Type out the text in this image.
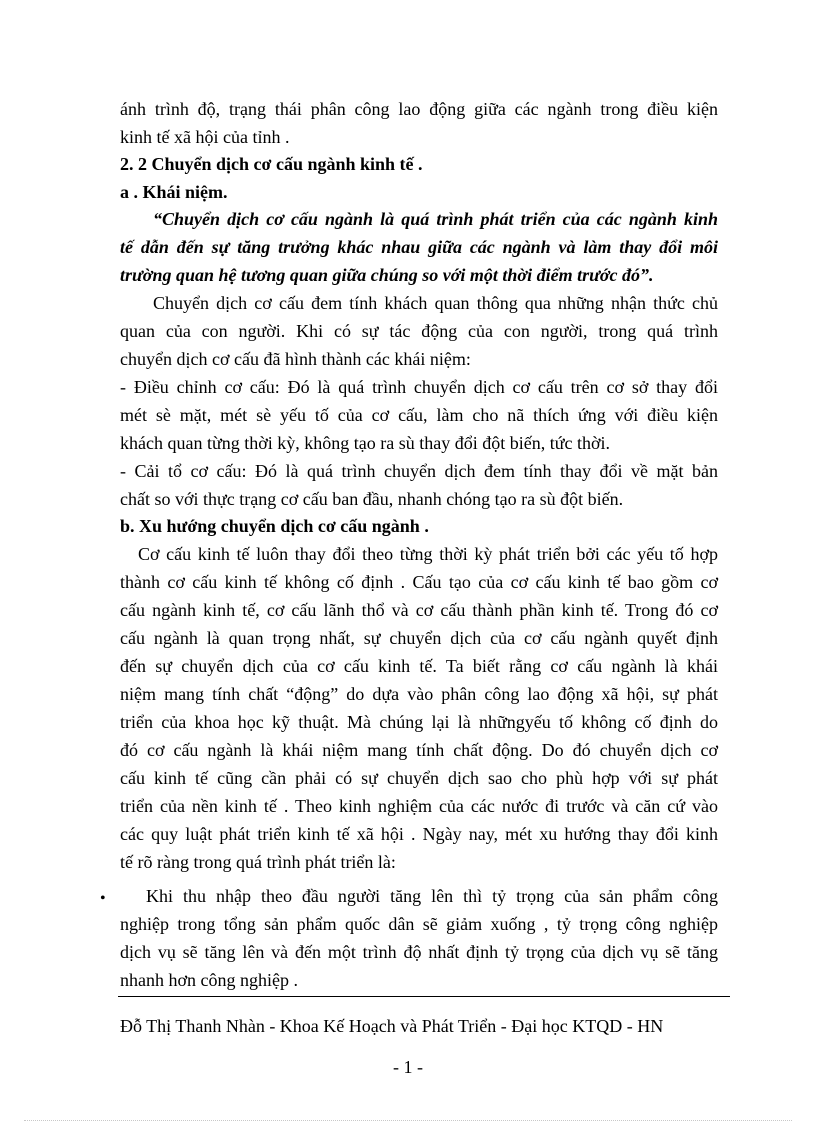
ánh trình độ, trạng thái phân công lao động giữa các ngành trong điều kiện
kinh tế xã hội của tỉnh .
2. 2 Chuyển dịch cơ cấu ngành kinh tế .
a . Khái niệm.
“Chuyển dịch cơ cấu ngành là quá trình phát triển của các ngành kinh
tế dẫn đến sự tăng trưởng khác nhau giữa các ngành và làm thay đổi môi
trường quan hệ tương quan giữa chúng so với một thời điểm trước đó”.
Chuyển dịch cơ cấu đem tính khách quan thông qua những nhận thức chủ
quan của con người. Khi có sự tác động của con người, trong quá trình
chuyển dịch cơ cấu đã hình thành các khái niệm:
- Điều chỉnh cơ cấu: Đó là quá trình chuyển dịch cơ cấu trên cơ sở thay đổi
mét sè mặt, mét sè yếu tố của cơ cấu, làm cho nã thích ứng với điều kiện
khách quan từng thời kỳ, không tạo ra sù thay đổi đột biến, tức thời.
- Cải tổ cơ cấu: Đó là quá trình chuyển dịch đem tính thay đổi về mặt bản
chất so với thực trạng cơ cấu ban đầu, nhanh chóng tạo ra sù đột biến.
b. Xu hướng chuyển dịch cơ cấu ngành .
Cơ cấu kinh tế luôn thay đổi theo từng thời kỳ phát triển bởi các yếu tố hợp
thành cơ cấu kinh tế không cố định . Cấu tạo của cơ cấu kinh tế bao gồm cơ
cấu ngành kinh tế, cơ cấu lãnh thổ và cơ cấu thành phần kinh tế. Trong đó cơ
cấu ngành là quan trọng nhất, sự chuyển dịch của cơ cấu ngành quyết định
đến sự chuyển dịch của cơ cấu kinh tế. Ta biết rằng cơ cấu ngành là khái
niệm mang tính chất “động” do dựa vào phân công lao động xã hội, sự phát
triển của khoa học kỹ thuật. Mà chúng lại là nhữngyếu tố không cố định do
đó cơ cấu ngành là khái niệm mang tính chất động. Do đó chuyển dịch cơ
cấu kinh tế cũng cần phải có sự chuyển dịch sao cho phù hợp với sự phát
triển của nền kinh tế . Theo kinh nghiệm của các nước đi trước và căn cứ vào
các quy luật phát triển kinh tế xã hội . Ngày nay, mét xu hướng thay đổi kinh
tế rõ ràng trong quá trình phát triển là:
• Khi thu nhập theo đầu người tăng lên thì tỷ trọng của sản phẩm công
nghiệp trong tổng sản phẩm quốc dân sẽ giảm xuống , tỷ trọng công nghiệp
dịch vụ sẽ tăng lên và đến một trình độ nhất định tỷ trọng của dịch vụ sẽ tăng
nhanh hơn công nghiệp .
Đỗ Thị Thanh Nhàn - Khoa Kế Hoạch và Phát Triển - Đại học KTQD - HN
- 1 -
